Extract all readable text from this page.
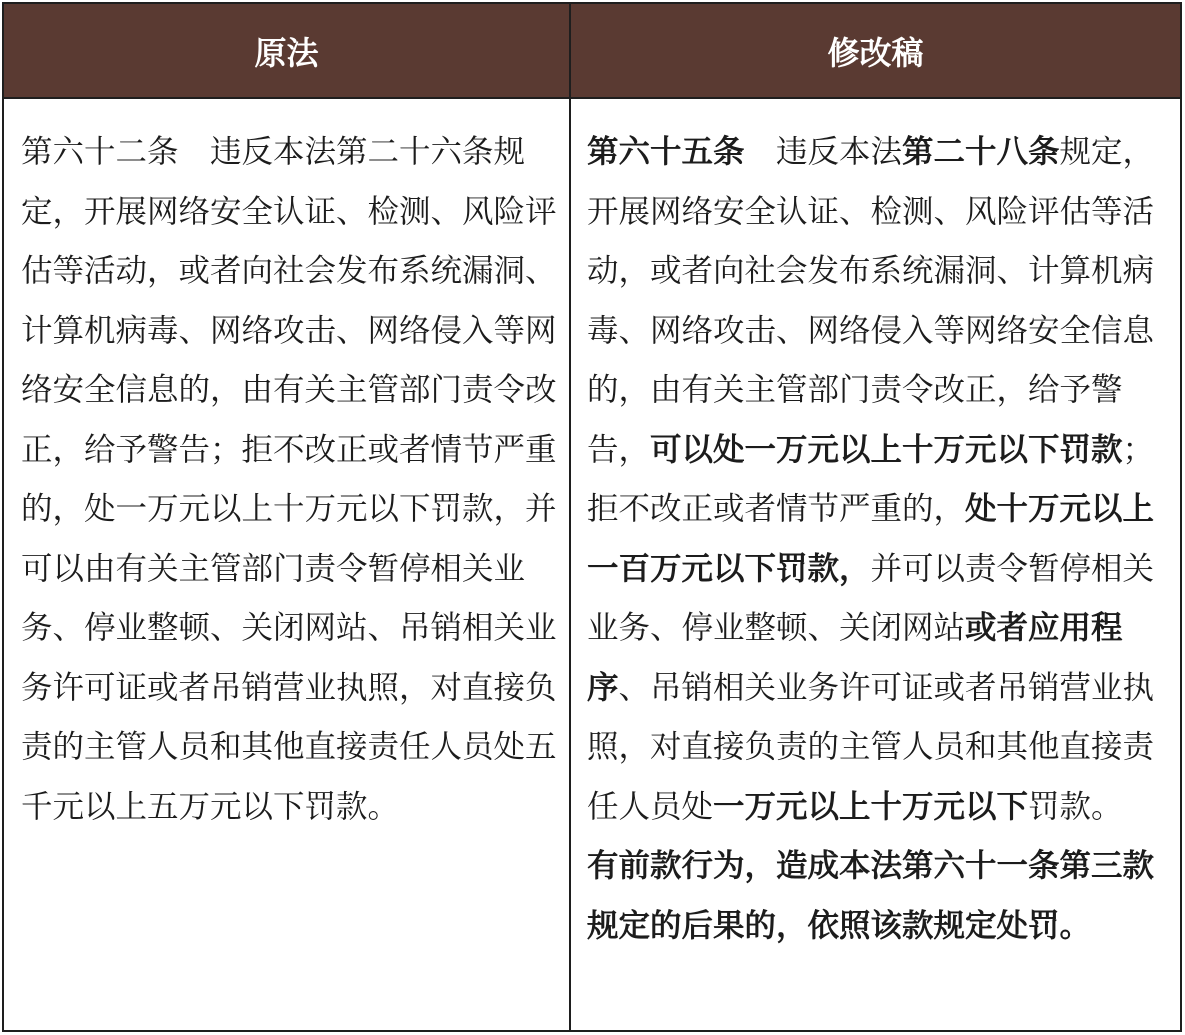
原法	修改稿

第六十二条　违反本法第二十六条规定，开展网络安全认证、检测、风险评估等活动，或者向社会发布系统漏洞、计算机病毒、网络攻击、网络侵入等网络安全信息的，由有关主管部门责令改正，给予警告；拒不改正或者情节严重的，处一万元以上十万元以下罚款，并可以由有关主管部门责令暂停相关业务、停业整顿、关闭网站、吊销相关业务许可证或者吊销营业执照，对直接负责的主管人员和其他直接责任人员处五千元以上五万元以下罚款。

第六十五条　违反本法第二十八条规定，开展网络安全认证、检测、风险评估等活动，或者向社会发布系统漏洞、计算机病毒、网络攻击、网络侵入等网络安全信息的，由有关主管部门责令改正，给予警告，可以处一万元以上十万元以下罚款；拒不改正或者情节严重的，处十万元以上一百万元以下罚款，并可以责令暂停相关业务、停业整顿、关闭网站或者应用程序、吊销相关业务许可证或者吊销营业执照，对直接负责的主管人员和其他直接责任人员处一万元以上十万元以下罚款。

有前款行为，造成本法第六十一条第三款规定的后果的，依照该款规定处罚。
